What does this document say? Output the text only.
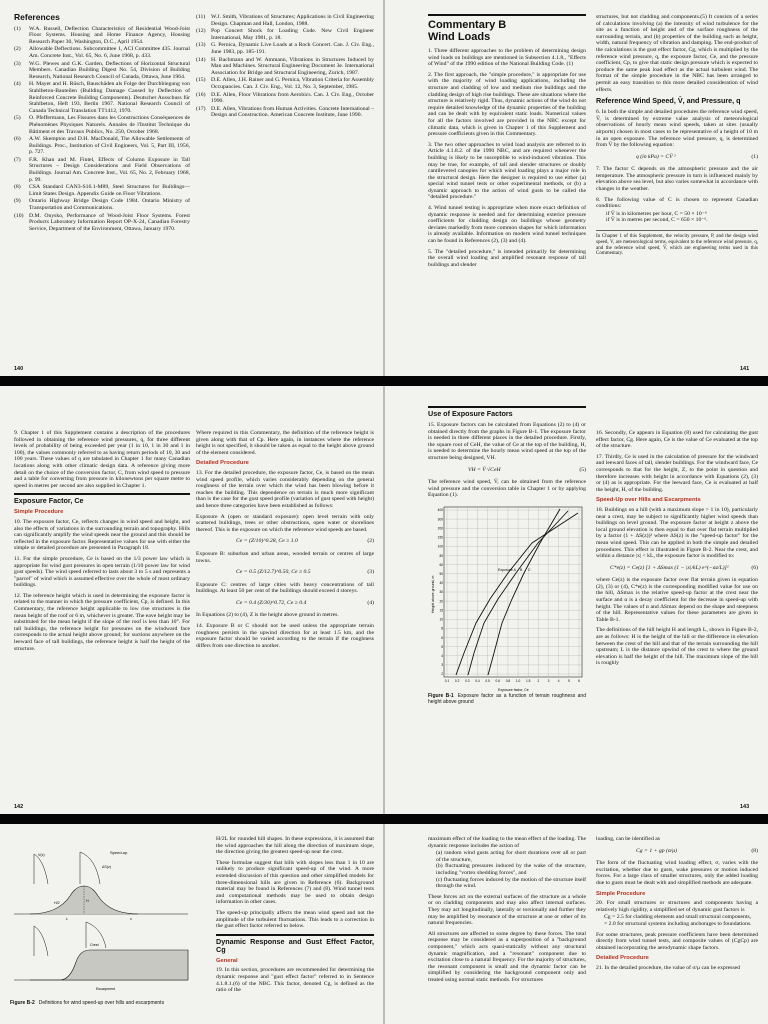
References
(1)	W.A. Russell, Deflection Characteristics of Residential Wood-Joist Floor Systems. Housing and Home Finance Agency, Housing Research Paper 30, Washington, D.C., April 1954.
(2)	Allowable Deflections. Subcommittee 1, ACI Committee 435. Journal Am. Concrete Inst., Vol. 65, No. 6, June 1968, p. 433.
(3)	W.G. Plewes and G.K. Garden, Deflections of Horizontal Structural Members. Canadian Building Digest No. 54, Division of Building Research, National Research Council of Canada, Ottawa, June 1964.
(4)	H. Mayer and H. Rüsch, Bauschäden als Folge der Durchbiegung von Stahlbeton-Bauteilen (Building Damage Caused by Deflection of Reinforced Concrete Building Components). Deutscher Ausschuss für Stahlbeton, Heft 193, Berlin 1967. National Research Council of Canada Technical Translation TT1412, 1970.
(5)	O. Pfeffermann, Les Fissures dans les Constructions Conséquences de Phénomènes Physiques Naturels. Annales de l'Institut Technique du Bâtiment et des Travaux Publics, No. 250, October 1968.
(6)	A.W. Skempton and D.H. MacDonald, The Allowable Settlements of Buildings. Proc., Institution of Civil Engineers, Vol. 5, Part III, 1956, p. 727.
(7)	F.R. Khan and M. Fintel, Effects of Column Exposure in Tall Structures – Design Considerations and Field Observations of Buildings. Journal Am. Concrete Inst., Vol. 65, No. 2, February 1968, p. 99.
(8)	CSA Standard CAN3-S16.1-M89, Steel Structures for Buildings—Limit States Design. Appendix Guide on Floor Vibrations.
(9)	Ontario Highway Bridge Design Code 1984. Ontario Ministry of Transportation and Communications.
(10) D.M. Onysko, Performance of Wood-Joist Floor Systems. Forest Products Laboratory Information Report OP-X-24, Canadian Forestry Service, Department of the Environment, Ottawa, January 1970.
(11)	W.J. Smith, Vibrations of Structures; Applications in Civil Engineering Design. Chapman and Hall, London, 1988.
(12) Pop Concert Shock for Loading Code. New Civil Engineer International, May 1981, p. 18.
(13) G. Pernica, Dynamic Live Loads at a Rock Concert. Can. J. Civ. Eng., June 1983, pp. 185-191.
(14) H. Bachmann and W. Ammann, Vibrations in Structures Induced by Man and Machines. Structural Engineering Document 3e. International Association for Bridge and Structural Engineering, Zurich, 1987.
(15) D.E. Allen, J.H. Rainer and G. Pernica, Vibration Criteria for Assembly Occupancies. Can. J. Civ. Eng., Vol. 12, No. 3, September, 1985.
(16) D.E. Allen, Floor Vibrations from Aerobics. Can. J. Civ. Eng., October 1990.
(17) D.E. Allen, Vibrations from Human Activities. Concrete International – Design and Construction. American Concrete Institute, June 1990.
140
Commentary B
Wind Loads

1. Three different approaches to the problem of determining design wind loads on buildings are mentioned in Subsection 4.1.8., "Effects of Wind" of the 1990 edition of the National Building Code. (1)

2. The first approach, the "simple procedure," is appropriate for use with the majority of wind loading applications, including the structure and cladding of low and medium rise buildings and the cladding design of high rise buildings. These are situations where the structure is relatively rigid. Thus, dynamic actions of the wind do not require detailed knowledge of the dynamic properties of the building and can be dealt with by equivalent static loads. Numerical values for all the factors involved are provided in the NBC except for climatic data, which is given in Chapter 1 of this Supplement and pressure coefficients given in this Commentary.

3. The two other approaches to wind load analysis are referred to in Article 4.1.8.2. of the 1990 NBC, and are required whenever the building is likely to be susceptible to wind-induced vibration. This may be true, for example, of tall and slender structures or doubly cantilevered canopies for which wind loading plays a major role in the structural design. Here the designer is required to use either (a) special wind tunnel tests or other experimental methods, or (b) a dynamic approach to the action of wind gusts to be called the "detailed procedure."

4. Wind tunnel testing is appropriate when more exact definition of dynamic response is needed and for determining exterior pressure coefficients for cladding design on buildings whose geometry deviates markedly from more common shapes for which information is already available. Information on modern wind tunnel techniques can be found in References (2), (3) and (4).

5. The "detailed procedure," is intended primarily for determining the overall wind loading and amplified resonant response of tall buildings and slender

structures, but not cladding and components.(5) It consists of a series of calculations involving (a) the intensity of wind turbulence for the site as a function of height and of the surface roughness of the surrounding terrain, and (b) properties of the building such as height, width, natural frequency of vibration and damping. The end-product of the calculations is the gust effect factor, Cg, which is multiplied by the reference wind pressure, q, the exposure factor, Ce, and the pressure coefficient, Cp, to give that static design pressure which is expected to produce the same peak load effect as the actual turbulent wind. The format of the simple procedure in the NBC has been arranged to permit an easy transition to this more detailed consideration of wind effects.

Reference Wind Speed, V̄, and Pressure, q

6. In both the simple and detailed procedures the reference wind speed, V̄, is determined by extreme value analysis of meteorological observations of hourly mean wind speeds, taken at sites (usually airports) chosen in most cases to be representative of a height of 10 m in an open exposure. The reference wind pressure, q, is determined from V̄ by the following equation:

q (in kPa) = CV̄ ²	(1)

7. The factor C depends on the atmospheric pressure and the air temperature. The atmospheric pressure in turn is influenced mainly by elevation above sea level, but also varies somewhat in accordance with changes in the weather.

8. The following value of C is chosen to represent Canadian conditions:

if V̄ is in kilometres per hour, C = 50 × 10⁻⁶
if V̄ is in metres per second, C = 650 × 10⁻⁶.
In Chapter 1 of this Supplement, the velocity pressure, P, and the design wind speed, V, are meteorological terms, equivalent to the reference wind pressure, q, and the reference wind speed, V̄, which are engineering terms used in this Commentary.
141

9. Chapter 1 of this Supplement contains a description of the procedures followed in obtaining the reference wind pressures, q, for three different levels of probability of being exceeded per year (1 in 10, 1 in 30 and 1 in 100), the values commonly referred to as having return periods of 10, 30 and 100 years. These values of q are tabulated in Chapter 1 for many Canadian locations along with other climatic design data. A reference giving more detail on the choice of the conversion factor, C, from wind speed to pressure and a table for converting from pressure in kilonewtons per square metre to speed in metres per second are also supplied in Chapter 1.

Exposure Factor, Ce
Simple Procedure

10. The exposure factor, Ce, reflects changes in wind speed and height, and also the effects of variations in the surrounding terrain and topography. Hills can significantly amplify the wind speeds near the ground and this should be reflected in the exposure factor. Representative values for use with either the simple or detailed procedure are presented in Paragraph 18.

11. For the simple procedure, Ce is based on the 1/3 power law which is appropriate for wind gust pressures in open terrain (1/10 power law for wind gust speeds). The wind speed referred to lasts about 3 to 5 s and represents a "parcel" of wind which is assumed effective over the whole of most ordinary buildings.

12. The reference height which is used in determining the exposure factor is related to the manner in which the pressure coefficient, Cp, is defined. In this Commentary, the reference height applicable to low rise structures is the mean height of the roof or 6 m, whichever is greater. The eave height may be substituted for the mean height if the slope of the roof is less than 10°. For tall buildings, the reference height for pressures on the windward face corresponds to the actual height above ground; for suctions anywhere on the leeward face of tall buildings, the reference height is half the height of the structure.

142

Where required in this Commentary, the definition of the reference height is given along with that of Cp. Here again, in instances where the reference height is not specified, it should be taken as equal to the height above ground of the element considered.

Detailed Procedure

13. For the detailed procedure, the exposure factor, Ce, is based on the mean wind speed profile, which varies considerably depending on the general roughness of the terrain over which the wind has been blowing before it reaches the building. This dependence on terrain is much more significant than is the case for the gust speed profile (variation of gust speed with height) and hence three categories have been established as follows:

Exposure A (open or standard exposure): open level terrain with only scattered buildings, trees or other obstructions, open water or shorelines thereof. This is the exposure on which the reference wind speeds are based.

Ce = (Z/10)^0.28, Ce ≥ 1.0	(2)

Exposure B: suburban and urban areas, wooded terrain or centres of large towns.

Ce = 0.5 (Z/12.7)^0.50, Ce ≥ 0.5	(3)

Exposure C: centres of large cities with heavy concentrations of tall buildings. At least 50 per cent of the buildings should exceed 4 storeys.

Ce = 0.4 (Z/30)^0.72, Ce ≥ 0.4	(4)

In Equations (2) to (4), Z is the height above ground in metres.

14. Exposure B or C should not be used unless the appropriate terrain roughness persists in the upwind direction for at least 1.5 km, and the exposure factor should be varied according to the terrain if the roughness differs from one direction to another.

Use of Exposure Factors

15. Exposure factors can be calculated from Equations (2) to (4) or obtained directly from the graphs in Figure B-1. The exposure factor is needed in three different places in the detailed procedure. Firstly, the square root of CeH, the value of Ce at the top of the building, H, is needed to determine the hourly mean wind speed at the top of the structure being designed, VH.

VH = V̄ √CeH	(5)

The reference wind speed, V̄, can be obtained from the reference wind pressure and the conversion table in Chapter 1 or by applying Equation (1).

400
300
200
150
100
80
60
50
40
30
20
15
10
8
6
5
4
3
2
0.1 0.2 0.3 0.4 0.5 0.6 0.8 1.0 1.5 2	3	4	5	6
Exposure A B C
Height above ground, m
Exposure factor, Ce
Figure B-1 Exposure factor as a function of terrain roughness and height above ground

16. Secondly, Ce appears in Equation (8) used for calculating the gust effect factor, Cg. Here again, Ce is the value of Ce evaluated at the top of the structure.

17. Thirdly, Ce is used in the calculation of pressure for the windward and leeward faces of tall, slender buildings. For the windward face, Ce corresponds to that for the height, Z, to the point in question and therefore increases with height in accordance with Equations (2), (3) or (4) as is appropriate. For the leeward face, Ce is evaluated at half the height, H, of the building.

Speed-Up over Hills and Escarpments

18. Buildings on a hill (with a maximum slope > 1 in 10), particularly near a crest, may be subject to significantly higher wind speeds than buildings on level ground. The exposure factor at height z above the local ground elevation is then equal to that over flat terrain multiplied by a factor (1 + ΔS(z))² where ΔS(z) is the "speed-up factor" for the mean wind speed. This can be applied in both the simple and detailed procedures. This effect is illustrated in Figure B-2. Near the crest, and within a distance |x| < kL, the exposure factor is modified to:

C*e(z) = Ce(z) [1 + ΔSmax (1 − |x|/kL) e^(−αz/L)]²	(6)

where Ce(z) is the exposure factor over flat terrain given in equation (2), (3) or (4), C*e(z) is the corresponding modified value for use on the hill, ΔSmax is the relative speed-up factor at the crest near the surface and α is a decay coefficient for the decrease in speed-up with height. The values of α and ΔSmax depend on the shape and steepness of the hill. Representative values for these parameters are given in Table B-1.

The definitions of the hill height H and length L, shown in Figure B-2, are as follows: H is the height of the hill or the difference in elevation between the crest of the hill and that of the terrain surrounding the hill upstream; L is the distance upwind of the crest to where the ground elevation is half the height of the hill. The maximum slope of the hill is roughly

143
Speed-up
V(z)
ΔS(z)
H/2	H
L	x
Crest
Escarpment
Figure B-2 Definitions for wind speed-up over hills and escarpments

H/2L for rounded hill shapes. In these expressions, it is assumed that the wind approaches the hill along the direction of maximum slope, the direction giving the greatest speed-up near the crest.

These formulae suggest that hills with slopes less than 1 in 10 are unlikely to produce significant speed-up of the wind. A more extended discussion of this question and other simplified models for three-dimensional hills are given in Reference (6). Background material may be found in References (7) and (8). Wind tunnel tests and computational methods may be used to obtain design information in other cases.

The speed-up principally affects the mean wind speed and not the amplitude of the turbulent fluctuations. This leads to a correction in the gust effect factor referred to below.

Dynamic Response and Gust Effect Factor, Cg
General

19. In this section, procedures are recommended for determining the dynamic response and "gust effect factor" referred to in Sentence 4.1.8.1.(6) of the NBC. This factor, denoted Cg, is defined as the ratio of the

maximum effect of the loading to the mean effect of the loading. The dynamic response includes the action of

(a) random wind gusts acting for short durations over all or part of the structure,
(b) fluctuating pressures induced by the wake of the structure, including "vortex shedding forces", and
(c) fluctuating forces induced by the motion of the structure itself through the wind.

These forces act on the external surfaces of the structure as a whole or on cladding components and may also affect internal surfaces. They may act longitudinally, laterally or torsionally and further they may be amplified by resonance of the structure at one or other of its natural frequencies.

All structures are affected to some degree by these forces. The total response may be considered as a superposition of a "background component," which acts quasi-statically without any structural dynamic magnification, and a "resonant" component due to excitation close to a natural frequency. For the majority of structures, the resonant component is small and the dynamic factor can be simplified by considering the background component only and treated using normal static methods. For structures

loading, can be identified as

Cg = 1 + gp (σ/μ)	(8)

The form of the fluctuating wind loading effect, σ, varies with the excitation, whether due to gusts, wake pressures or motion induced forces. For a large class of smaller structures, only the added loading due to gusts must be dealt with and simplified methods are adequate.

Simple Procedure

20. For small structures or structures and components having a relatively high rigidity, a simplified set of dynamic gust factors is

Cg = 2.5 for cladding elements and small structural components,
= 2.0 for structural systems including anchorages to foundations.

For some structures, peak pressure coefficients have been determined directly from wind tunnel tests, and composite values of (CgCp) are obtained incorporating the aerodynamic shape factors.

Detailed Procedure

21. In the detailed procedure, the value of σ/μ can be expressed
